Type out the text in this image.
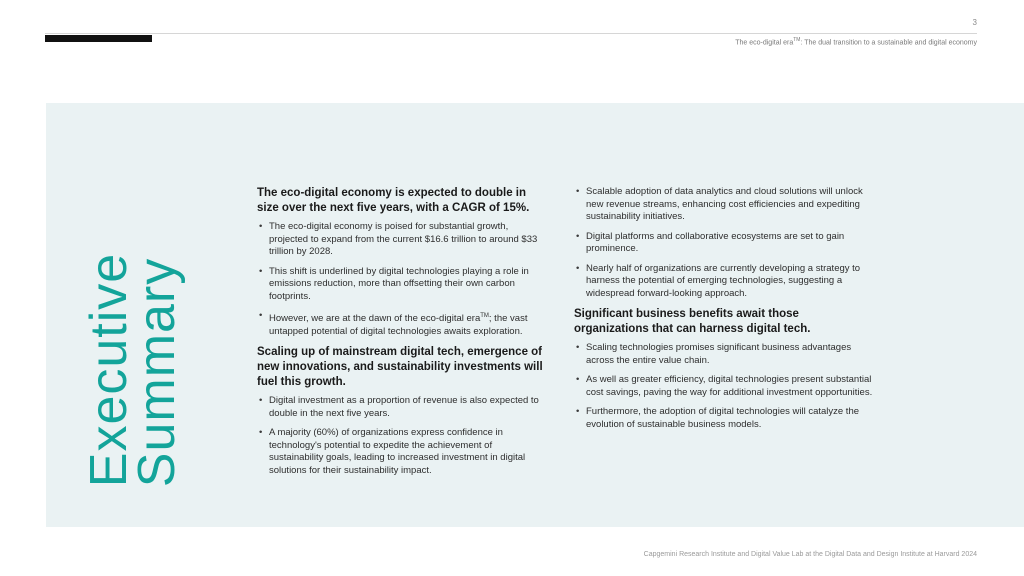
3
The eco-digital era™: The dual transition to a sustainable and digital economy
Executive
Summary
The eco-digital economy is expected to double in size over the next five years, with a CAGR of 15%.
• The eco-digital economy is poised for substantial growth, projected to expand from the current $16.6 trillion to around $33 trillion by 2028.
• This shift is underlined by digital technologies playing a role in emissions reduction, more than offsetting their own carbon footprints.
• However, we are at the dawn of the eco-digital era™; the vast untapped potential of digital technologies awaits exploration.
Scaling up of mainstream digital tech, emergence of new innovations, and sustainability investments will fuel this growth.
• Digital investment as a proportion of revenue is also expected to double in the next five years.
• A majority (60%) of organizations express confidence in technology's potential to expedite the achievement of sustainability goals, leading to increased investment in digital solutions for their sustainability impact.
• Scalable adoption of data analytics and cloud solutions will unlock new revenue streams, enhancing cost efficiencies and expediting sustainability initiatives.
• Digital platforms and collaborative ecosystems are set to gain prominence.
• Nearly half of organizations are currently developing a strategy to harness the potential of emerging technologies, suggesting a widespread forward-looking approach.
Significant business benefits await those organizations that can harness digital tech.
• Scaling technologies promises significant business advantages across the entire value chain.
• As well as greater efficiency, digital technologies present substantial cost savings, paving the way for additional investment opportunities.
• Furthermore, the adoption of digital technologies will catalyze the evolution of sustainable business models.
Capgemini Research Institute and Digital Value Lab at the Digital Data and Design Institute at Harvard 2024
